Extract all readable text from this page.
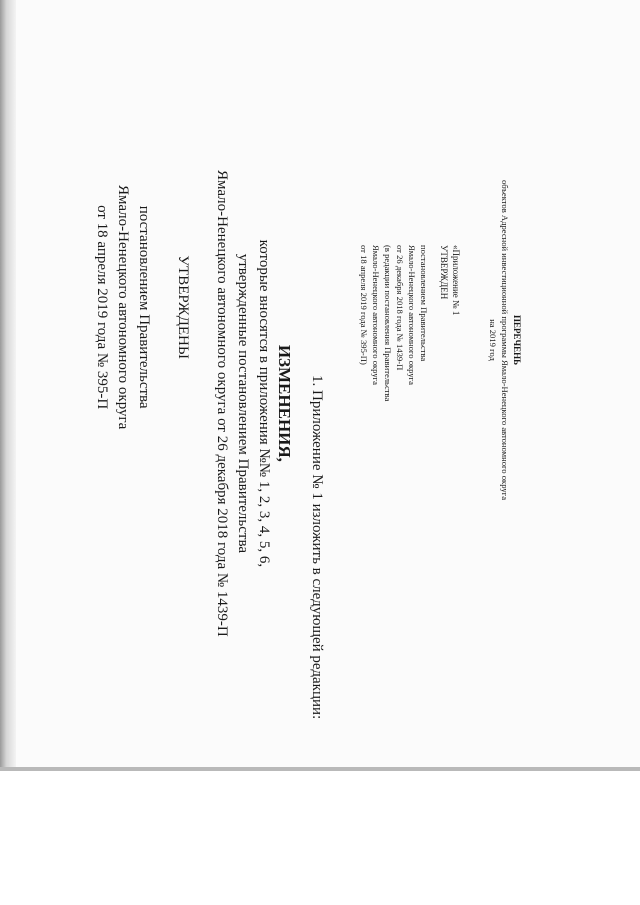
УТВЕРЖДЕНЫ
постановлением Правительства
Ямало-Ненецкого автономного округа
от 18 апреля 2019 года № 395-П	ИЗМЕНЕНИЯ,
которые вносятся в приложения №№ 1, 2, 3, 4, 5, 6,
утвержденные постановлением Правительства
Ямало-Ненецкого автономного округа от 26 декабря 2018 года № 1439-П	1. Приложение № 1 изложить в следующей редакции:
«Приложение № 1
УТВЕРЖДЕН
постановлением Правительства
Ямало-Ненецкого автономного округа
от 26 декабря 2018 года № 1439-П
(в редакции постановления Правительства
Ямало-Ненецкого автономного округа
от 18 апреля 2019 года № 395-П)	ПЕРЕЧЕНЬ
объектов Адресной инвестиционной программы Ямало-Ненецкого автономного округа
на 2019 год
